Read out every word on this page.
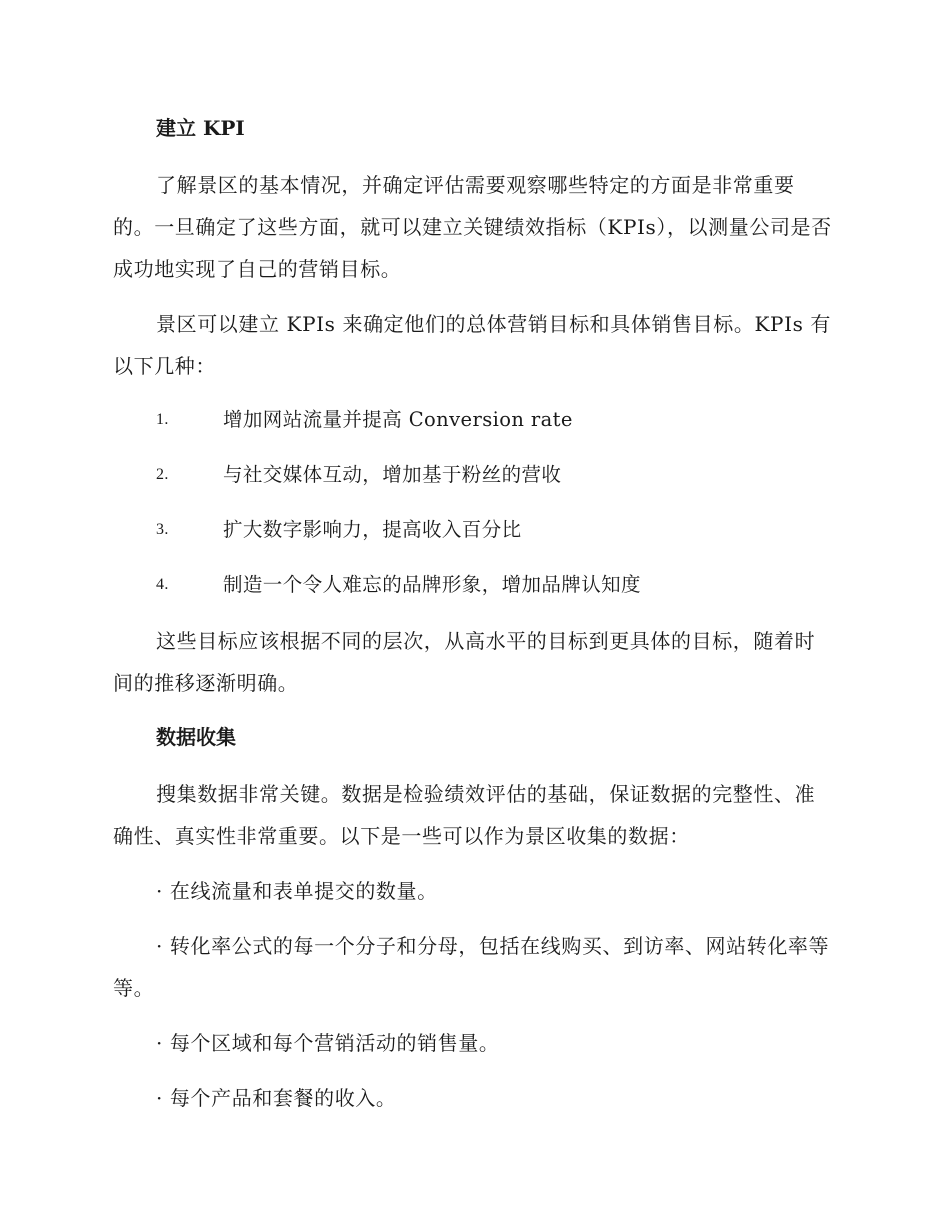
建立 KPI

了解景区的基本情况，并确定评估需要观察哪些特定的方面是非常重要的。一旦确定了这些方面，就可以建立关键绩效指标（KPIs），以测量公司是否成功地实现了自己的营销目标。

景区可以建立 KPIs 来确定他们的总体营销目标和具体销售目标。KPIs 有以下几种：

1.	增加网站流量并提高 Conversion rate
2.	与社交媒体互动，增加基于粉丝的营收
3.	扩大数字影响力，提高收入百分比
4.	制造一个令人难忘的品牌形象，增加品牌认知度

这些目标应该根据不同的层次，从高水平的目标到更具体的目标，随着时间的推移逐渐明确。

数据收集

搜集数据非常关键。数据是检验绩效评估的基础，保证数据的完整性、准确性、真实性非常重要。以下是一些可以作为景区收集的数据：

· 在线流量和表单提交的数量。

· 转化率公式的每一个分子和分母，包括在线购买、到访率、网站转化率等等。

· 每个区域和每个营销活动的销售量。

· 每个产品和套餐的收入。
